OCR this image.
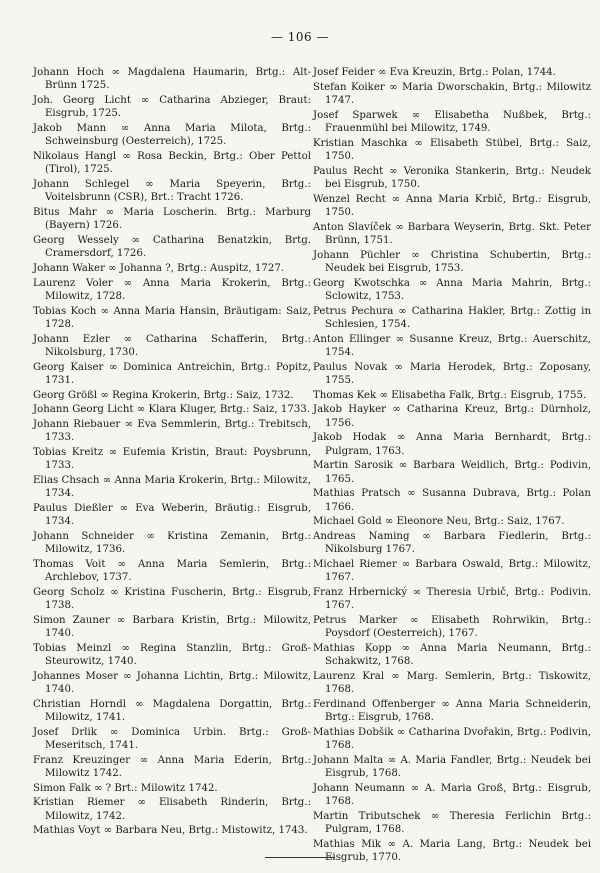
— 106 —

Johann Hoch ∞ Magdalena Haumarin, Brtg.: Alt-Brünn 1725.

Joh. Georg Licht ∞ Catharina Abzieger, Braut: Eisgrub, 1725.

Jakob Mann ∞ Anna Maria Milota, Brtg.: Schweinsburg (Oesterreich), 1725.

Nikolaus Hangl ∞ Rosa Beckin, Brtg.: Ober Pettol (Tirol), 1725.

Johann Schlegel ∞ Maria Speyerin, Brtg.: Voitelsbrunn (CSR), Brt.: Tracht 1726.

Bitus Mahr ∞ Maria Loscherin. Brtg.: Marburg (Bayern) 1726.

Georg Wessely ∞ Catharina Benatzkin, Brtg. Cramersdorf, 1726.

Johann Waker ∞ Johanna ?, Brtg.: Auspitz, 1727.

Laurenz Voler ∞ Anna Maria Krokerin, Brtg.: Milowitz, 1728.

Tobias Koch ∞ Anna Maria Hansin, Bräutigam: Saiz, 1728.

Johann Ezler ∞ Catharina Schafferin, Brtg.: Nikolsburg, 1730.

Georg Kaiser ∞ Dominica Antreichin, Brtg.: Popitz, 1731.

Georg Größl ∞ Regina Krokerin, Brtg.: Saiz, 1732.

Johann Georg Licht ∞ Klara Kluger, Brtg.: Saiz, 1733.

Johann Riebauer ∞ Eva Semmlerin, Brtg.: Trebitsch, 1733.

Tobias Kreitz ∞ Eufemia Kristin, Braut: Poysbrunn, 1733.

Elias Chsach ∞ Anna Maria Krokerin, Brtg.: Milowitz, 1734.

Paulus Dießler ∞ Eva Weberin, Bräutig.: Eisgrub, 1734.

Johann Schneider ∞ Kristina Zemanin, Brtg.: Milowitz, 1736.

Thomas Voit ∞ Anna Maria Semlerin, Brtg.: Archlebov, 1737.

Georg Scholz ∞ Kristina Fuscherin, Brtg.: Eisgrub, 1738.

Simon Zauner ∞ Barbara Kristin, Brtg.: Milowitz, 1740.

Tobias Meinzl ∞ Regina Stanzlin, Brtg.: Groß-Steurowitz, 1740.

Johannes Moser ∞ Johanna Lichtin, Brtg.: Milowitz, 1740.

Christian Horndl ∞ Magdalena Dorgattin, Brtg.: Milowitz, 1741.

Josef Drlik ∞ Dominica Urbin. Brtg.: Groß-Meseritsch, 1741.

Franz Kreuzinger ∞ Anna Maria Ederin, Brtg.: Milowitz 1742.

Simon Falk ∞ ? Brt.: Milowitz 1742.

Kristian Riemer ∞ Elisabeth Rinderin, Brtg.: Milowitz, 1742.

Mathias Voyt ∞ Barbara Neu, Brtg.: Mistowitz, 1743.

Josef Feider ∞ Eva Kreuzin, Brtg.: Polan, 1744.

Stefan Koiker ∞ Maria Dworschakin, Brtg.: Milowitz 1747.

Josef Sparwek ∞ Elisabetha Nußbek, Brtg.: Frauenmühl bei Milowitz, 1749.

Kristian Maschka ∞ Elisabeth Stübel, Brtg.: Saiz, 1750.

Paulus Recht ∞ Veronika Stankerin, Brtg.: Neudek bei Eisgrub, 1750.

Wenzel Recht ∞ Anna Maria Krbič, Brtg.: Eisgrub, 1750.

Anton Slavíček ∞ Barbara Weyserin, Brtg. Skt. Peter Brünn, 1751.

Johann Püchler ∞ Christina Schubertin, Brtg.: Neudek bei Eisgrub, 1753.

Georg Kwotschka ∞ Anna Maria Mahrin, Brtg.: Sclowitz, 1753.

Petrus Pechura ∞ Catharina Hakler, Brtg.: Zottig in Schlesien, 1754.

Anton Ellinger ∞ Susanne Kreuz, Brtg.: Auerschitz, 1754.

Paulus Novak ∞ Maria Herodek, Brtg.: Zoposany, 1755.

Thomas Kek ∞ Elisabetha Falk, Brtg.: Eisgrub, 1755.

Jakob Hayker ∞ Catharina Kreuz, Brtg.: Dürnholz, 1756.

Jakob Hodak ∞ Anna Maria Bernhardt, Brtg.: Pulgram, 1763.

Martin Sarosik ∞ Barbara Weidlich, Brtg.: Podivin, 1765.

Mathias Pratsch ∞ Susanna Dubrava, Brtg.: Polan 1766.

Michael Gold ∞ Eleonore Neu, Brtg.: Saiz, 1767.

Andreas Naming ∞ Barbara Fiedlerin, Brtg.: Nikolsburg 1767.

Michael Riemer ∞ Barbara Oswald, Brtg.: Milowitz, 1767.

Franz Hrbernický ∞ Theresia Urbič, Brtg.: Podivin. 1767.

Petrus Marker ∞ Elisabeth Rohrwikin, Brtg.: Poysdorf (Oesterreich), 1767.

Mathias Kopp ∞ Anna Maria Neumann, Brtg.: Schakwitz, 1768.

Laurenz Kral ∞ Marg. Semlerin, Brtg.: Tiskowitz, 1768.

Ferdinand Offenberger ∞ Anna Maria Schneiderin, Brtg.: Eisgrub, 1768.

Mathias Dobšik ∞ Catharina Dvořakin, Brtg.: Podivin, 1768.

Johann Malta ∞ A. Maria Fandler, Brtg.: Neudek bei Eisgrub, 1768.

Johann Neumann ∞ A. Maria Groß, Brtg.: Eisgrub, 1768.

Martin Tributschek ∞ Theresia Ferlichin Brtg.: Pulgram, 1768.

Mathias Mik ∞ A. Maria Lang, Brtg.: Neudek bei Eisgrub, 1770.
